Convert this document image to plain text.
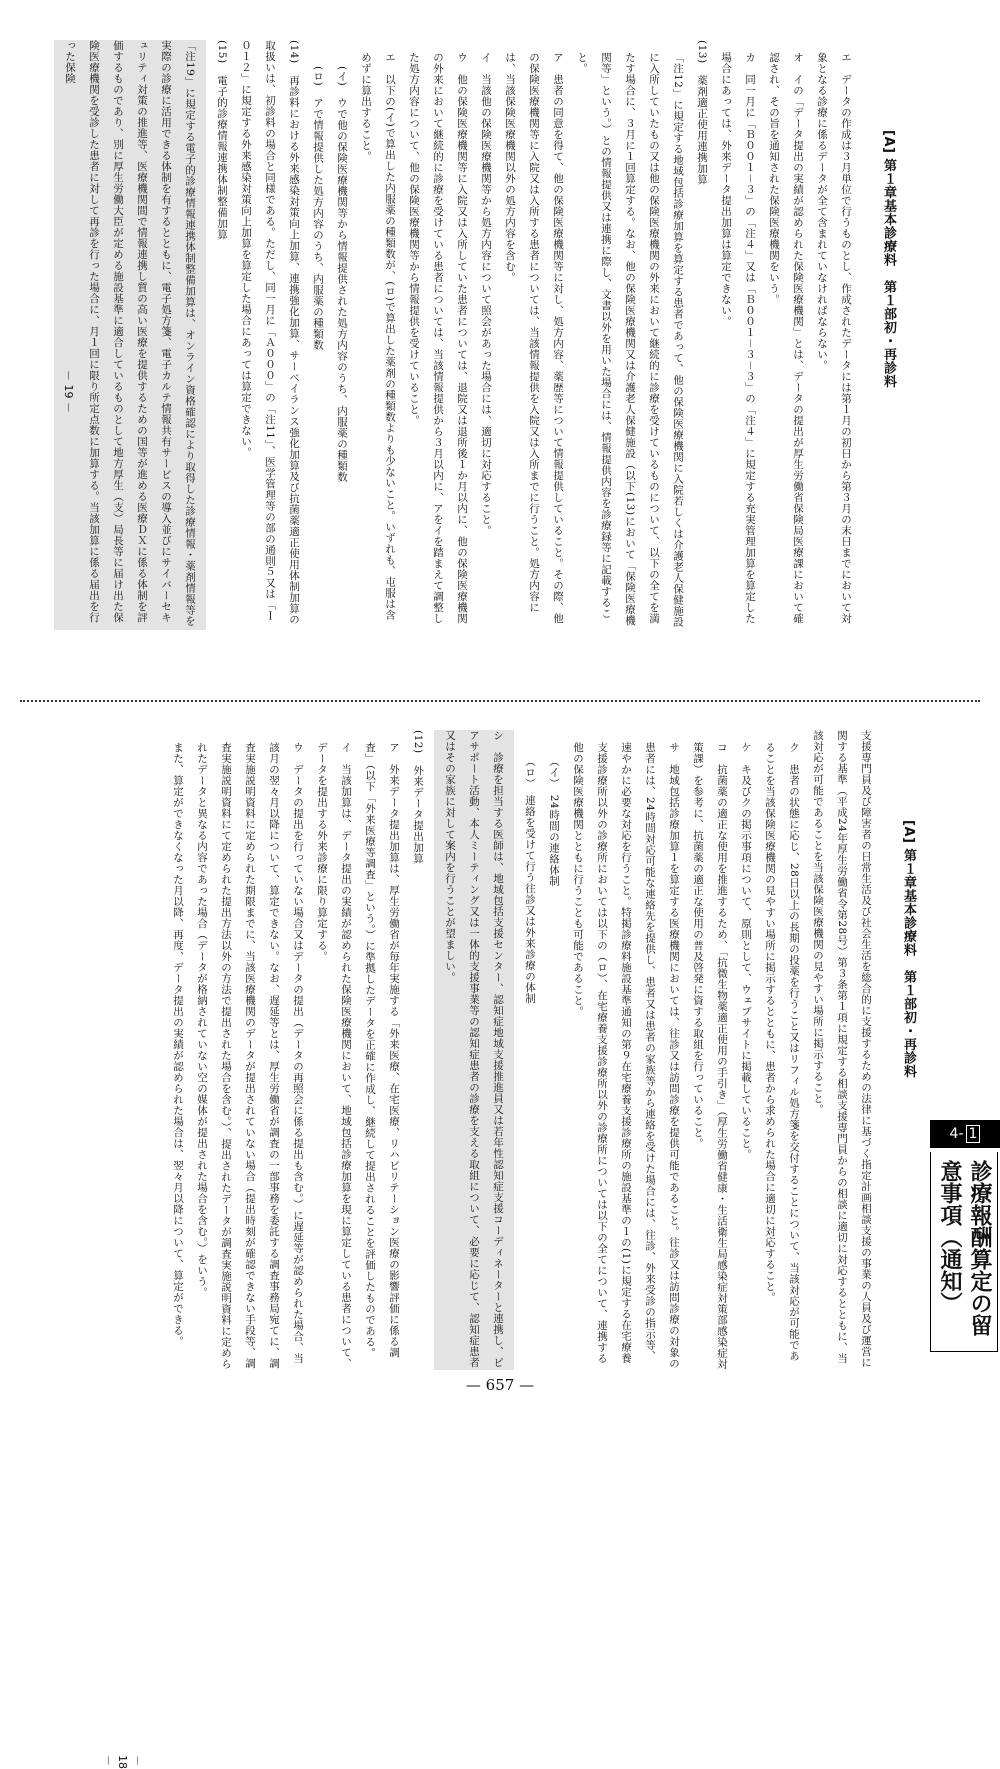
[A] 第１章基本診療料　第１部初・再診料

エ　データの作成は３月単位で行うものとし、作成されたデータには第１月の初日から第３月の末日までにおいて対象となる診療に係るデータが全て含まれていなければならない。

オ　イの「データ提出の実績が認められた保険医療機関」とは、データの提出が厚生労働省保険局医療課において確認され、その旨を通知された保険医療機関をいう。

カ　同一月に「Ｂ００１－３」の「注４」又は「Ｂ００１－３－３」の「注４」に規定する充実管理加算を算定した場合にあっては、外来データ提出加算は算定できない。

(13)　薬剤適正使用連携加算

「注12」に規定する地域包括診療加算を算定する患者であって、他の保険医療機関に入院若しくは介護老人保健施設に入所していたもの又は他の保険医療機関の外来において継続的に診療を受けているものについて、以下の全てを満たす場合に、３月に１回算定する。なお、他の保険医療機関又は介護老人保健施設（以下(13)において「保険医療機関等」という。）との情報提供又は連携に際し、文書以外を用いた場合には、情報提供内容を診療録等に記載すること。

ア　患者の同意を得て、他の保険医療機関等に対し、処方内容、薬歴等について情報提供していること。その際、他の保険医療機関等に入院又は入所する患者については、当該情報提供を入院又は入所までに行うこと。処方内容には、当該保険医療機関以外の処方内容を含む。

イ　当該他の保険医療機関等から処方内容について照会があった場合には、適切に対応すること。

ウ　他の保険医療機関等に入院又は入所していた患者については、退院又は退所後１か月以内に、他の保険医療機関の外来において継続的に診療を受けている患者については、当該情報提供から３月以内に、アをイを踏まえて調整した処方内容について、他の保険医療機関等から情報提供を受けていること。

エ　以下の(イ)で算出した内服薬の種類数が、(ロ)で算出した薬剤の種類数よりも少ないこと。いずれも、屯服は含めずに算出すること。

(イ)　ウで他の保険医療機関等から情報提供された処方内容のうち、内服薬の種類数

(ロ)　アで情報提供した処方内容のうち、内服薬の種類数

(14)　再診料における外来感染対策向上加算、連携強化加算、サーベイランス強化加算及び抗菌薬適正使用体制加算の取扱いは、初診料の場合と同様である。ただし、同一月に「Ａ０００」の「注11」、医学管理等の部の通則５又は「Ｉ０１２」に規定する外来感染対策向上加算を算定した場合にあっては算定できない。

(15)　電子的診療情報連携体制整備加算

「注19」に規定する電子的診療情報連携体制整備加算は、オンライン資格確認により取得した診療情報・薬剤情報等を実際の診療に活用できる体制を有するとともに、電子処方箋、電子カルテ情報共有サービスの導入並びにサイバーセキュリティ対策の推進等、医療機関間で情報連携し質の高い医療を提供するための国等が進める医療ＤＸに係る体制を評価するものであり、別に厚生労働大臣が定める施設基準に適合しているものとして地方厚生（支）局長等に届け出た保険医療機関を受診した患者に対して再診を行った場合に、月１回に限り所定点数に加算する。当該加算に係る届出を行った保険

－ 19 －
[A] 第１章基本診療料　第１部初・再診料

支援専門員及び障害者の日常生活及び社会生活を総合的に支援するための法律に基づく指定計画相談支援の事業の人員及び運営に関する基準（平成24年厚生労働省令第28号）第３条第１項に規定する相談支援専門員からの相談に適切に対応するとともに、当該対応が可能であることを当該保険医療機関の見やすい場所に掲示すること。

ク　患者の状態に応じ、28日以上の長期の投薬を行うこと又はリフィル処方箋を交付することについて、当該対応が可能であることを当該保険医療機関の見やすい場所に掲示するとともに、患者から求められた場合に適切に対応すること。

ケ　キ及びクの掲示事項について、原則として、ウェブサイトに掲載していること。

コ　抗菌薬の適正な使用を推進するため、「抗微生物薬適正使用の手引き」（厚生労働省健康・生活衛生局感染症対策部感染症対策課）を参考に、抗菌薬の適正な使用の普及啓発に資する取組を行っていること。

サ　地域包括診療加算１を算定する医療機関においては、往診又は訪問診療を提供可能であること。往診又は訪問診療の対象の患者には、24時間対応可能な連絡先を提供し、患者又は患者の家族等から連絡を受けた場合には、往診、外来受診の指示等、速やかに必要な対応を行うこと。特掲診療料施設基準通知の第９在宅療養支援診療所の施設基準の１の(1)に規定する在宅療養支援診療所以外の診療所においては以下の（ロ）、在宅療養支援診療所以外の診療所については以下の全てについて、連携する他の保険医療機関とともに行うことも可能であること。

（イ）　24時間の連絡体制

（ロ）　連絡を受けて行う往診又は外来診療の体制

シ　診療を担当する医師は、地域包括支援センター、認知症地域支援推進員又は若年性認知症支援コーディネーターと連携し、ピアサポート活動、本人ミーティング又は一体的支援事業等の認知症患者の診療を支える取組について、必要に応じて、認知症患者又はその家族に対して案内を行うことが望ましい。

(12)　外来データ提出加算

ア　外来データ提出加算は、厚生労働省が毎年実施する「外来医療、在宅医療、リハビリテーション医療の影響評価に係る調査」（以下「外来医療等調査」という。）に準拠したデータを正確に作成し、継続して提出されることを評価したものである。

イ　当該加算は、データ提出の実績が認められた保険医療機関において、地域包括診療加算を現に算定している患者について、データを提出する外来診療に限り算定する。

ウ　データの提出を行っていない場合又はデータの提出（データの再照会に係る提出も含む。）に遅延等が認められた場合、当該月の翌々月以降について、算定できない。なお、遅延等とは、厚生労働省が調査の一部事務を委託する調査事務局宛てに、調査実施説明資料に定められた期限までに、当該医療機関のデータが提出されていない場合（提出時刻が確認できない手段等、調査実施説明資料にて定められた提出方法以外の方法で提出された場合を含む。）、提出されたデータが調査実施説明資料に定められたデータと異なる内容であった場合（データが格納されていない空の媒体が提出された場合を含む。）をいう。

また、算定ができなくなった月以降、再度、データ提出の実績が認められた場合は、翌々月以降について、算定ができる。

－ 18 －
4- 1
診療報酬算定の留意事項（通知）
— 657 —
